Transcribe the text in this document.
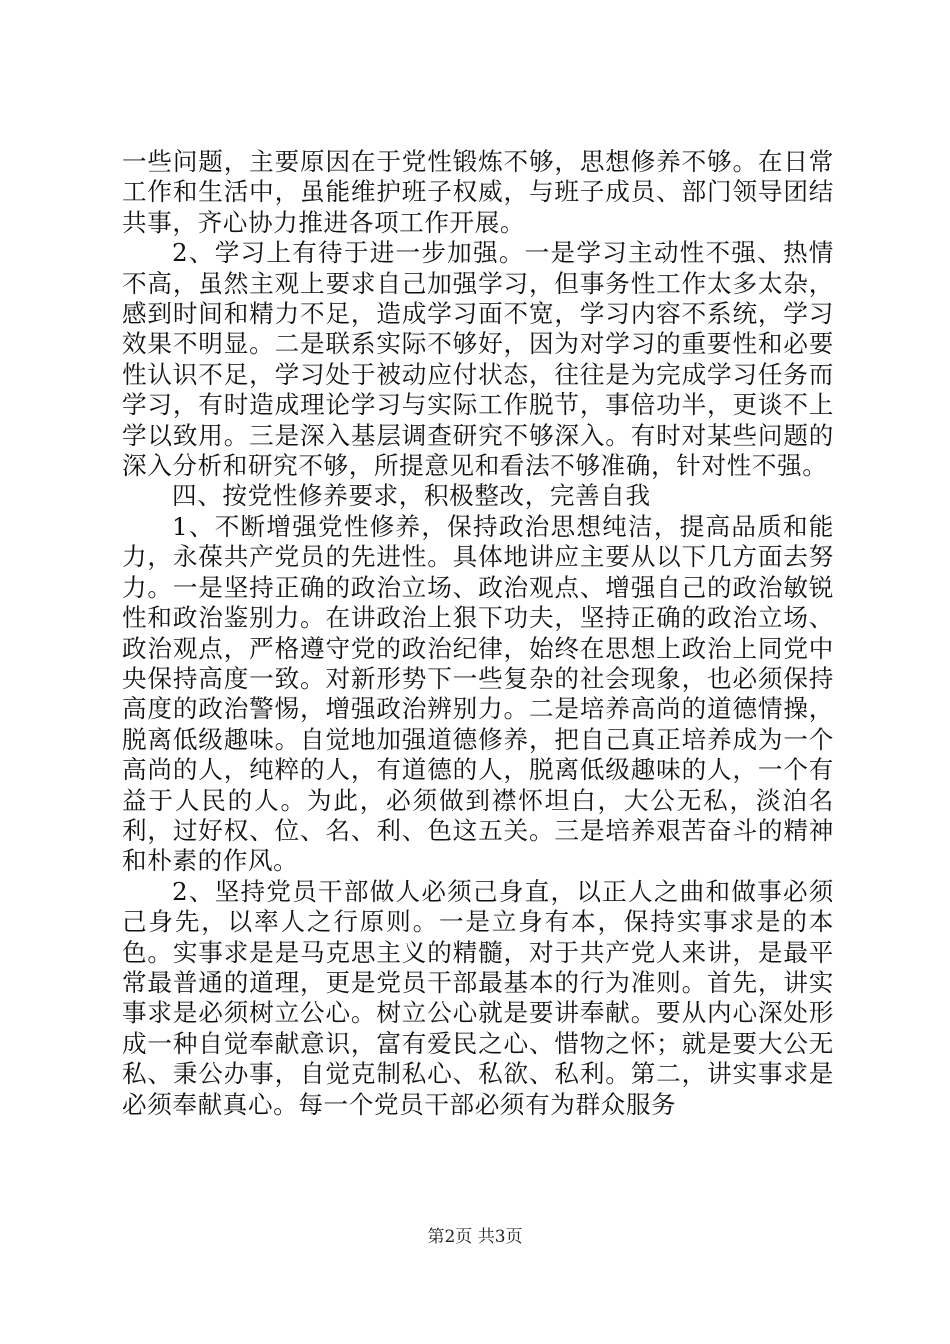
一些问题，主要原因在于党性锻炼不够，思想修养不够。在日常工作和生活中，虽能维护班子权威，与班子成员、部门领导团结共事，齐心协力推进各项工作开展。

2、学习上有待于进一步加强。一是学习主动性不强、热情不高，虽然主观上要求自己加强学习，但事务性工作太多太杂，感到时间和精力不足，造成学习面不宽，学习内容不系统，学习效果不明显。二是联系实际不够好，因为对学习的重要性和必要性认识不足，学习处于被动应付状态，往往是为完成学习任务而学习，有时造成理论学习与实际工作脱节，事倍功半，更谈不上学以致用。三是深入基层调查研究不够深入。有时对某些问题的深入分析和研究不够，所提意见和看法不够准确，针对性不强。

四、按党性修养要求，积极整改，完善自我

1、不断增强党性修养，保持政治思想纯洁，提高品质和能力，永葆共产党员的先进性。具体地讲应主要从以下几方面去努力。一是坚持正确的政治立场、政治观点、增强自己的政治敏锐性和政治鉴别力。在讲政治上狠下功夫，坚持正确的政治立场、政治观点，严格遵守党的政治纪律，始终在思想上政治上同党中央保持高度一致。对新形势下一些复杂的社会现象，也必须保持高度的政治警惕，增强政治辨别力。二是培养高尚的道德情操，脱离低级趣味。自觉地加强道德修养，把自己真正培养成为一个高尚的人，纯粹的人，有道德的人，脱离低级趣味的人，一个有益于人民的人。为此，必须做到襟怀坦白，大公无私，淡泊名利，过好权、位、名、利、色这五关。三是培养艰苦奋斗的精神和朴素的作风。

2、坚持党员干部做人必须己身直，以正人之曲和做事必须己身先，以率人之行原则。一是立身有本，保持实事求是的本色。实事求是是马克思主义的精髓，对于共产党人来讲，是最平常最普通的道理，更是党员干部最基本的行为准则。首先，讲实事求是必须树立公心。树立公心就是要讲奉献。要从内心深处形成一种自觉奉献意识，富有爱民之心、惜物之怀；就是要大公无私、秉公办事，自觉克制私心、私欲、私利。第二，讲实事求是必须奉献真心。每一个党员干部必须有为群众服务

第2页 共3页
